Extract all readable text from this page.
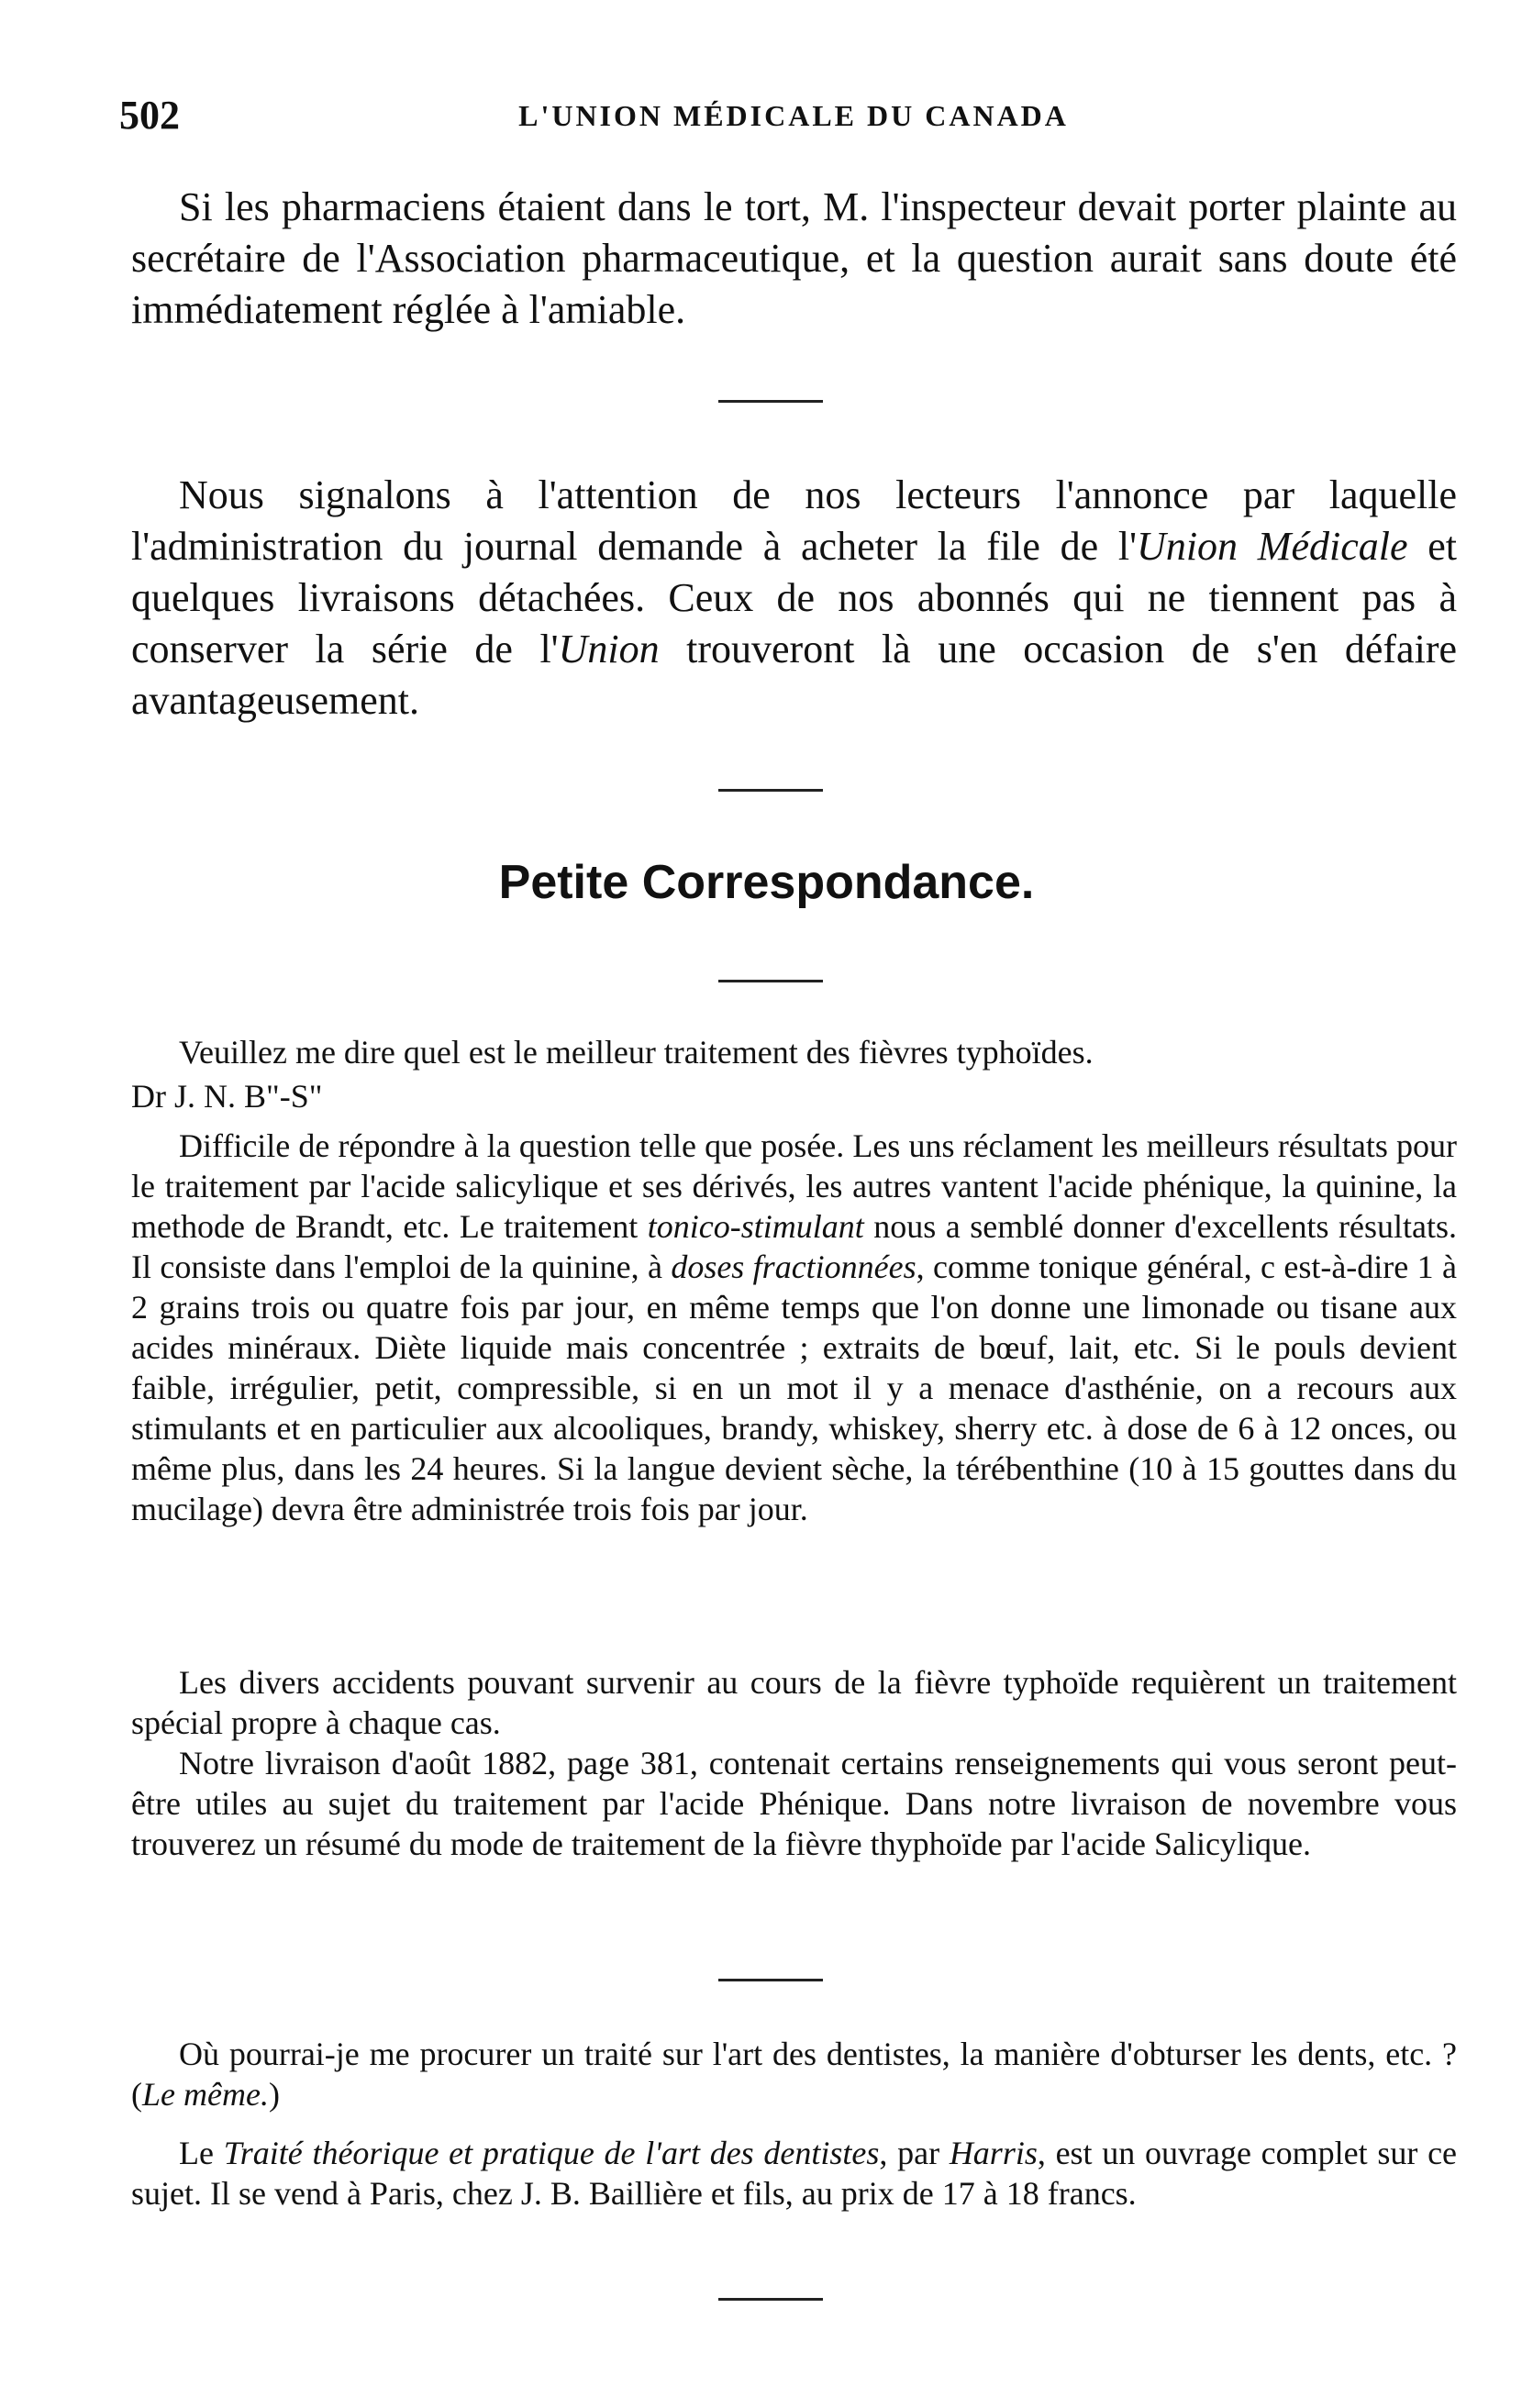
502	L'UNION MÉDICALE DU CANADA

Si les pharmaciens étaient dans le tort, M. l'inspecteur devait porter plainte au secrétaire de l'Association pharmaceutique, et la question aurait sans doute été immédiatement réglée à l'amiable.

Nous signalons à l'attention de nos lecteurs l'annonce par laquelle l'administration du journal demande à acheter la file de l'Union Médicale et quelques livraisons détachées. Ceux de nos abonnés qui ne tiennent pas à conserver la série de l'Union trouveront là une occasion de s'en défaire avantageusement.

Petite Correspondance.

Veuillez me dire quel est le meilleur traitement des fièvres typhoïdes.

Dr J. N. B"-S"

Difficile de répondre à la question telle que posée. Les uns réclament les meilleurs résultats pour le traitement par l'acide salicylique et ses dérivés, les autres vantent l'acide phénique, la quinine, la methode de Brandt, etc. Le traitement tonico-stimulant nous a semblé donner d'excellents résultats. Il consiste dans l'emploi de la quinine, à doses fractionnées, comme tonique général, c est-à-dire 1 à 2 grains trois ou quatre fois par jour, en même temps que l'on donne une limonade ou tisane aux acides minéraux. Diète liquide mais concentrée ; extraits de bœuf, lait, etc. Si le pouls devient faible, irrégulier, petit, compressible, si en un mot il y a menace d'asthénie, on a recours aux stimulants et en particulier aux alcooliques, brandy, whiskey, sherry etc. à dose de 6 à 12 onces, ou même plus, dans les 24 heures. Si la langue devient sèche, la térébenthine (10 à 15 gouttes dans du mucilage) devra être administrée trois fois par jour.

Les divers accidents pouvant survenir au cours de la fièvre typhoïde requièrent un traitement spécial propre à chaque cas.

Notre livraison d'août 1882, page 381, contenait certains renseignements qui vous seront peut-être utiles au sujet du traitement par l'acide Phénique. Dans notre livraison de novembre vous trouverez un résumé du mode de traitement de la fièvre thyphoïde par l'acide Salicylique.

Où pourrai-je me procurer un traité sur l'art des dentistes, la manière d'obturser les dents, etc. ? (Le même.)

Le Traité théorique et pratique de l'art des dentistes, par Harris, est un ouvrage complet sur ce sujet. Il se vend à Paris, chez J. B. Baillière et fils, au prix de 17 à 18 francs.
